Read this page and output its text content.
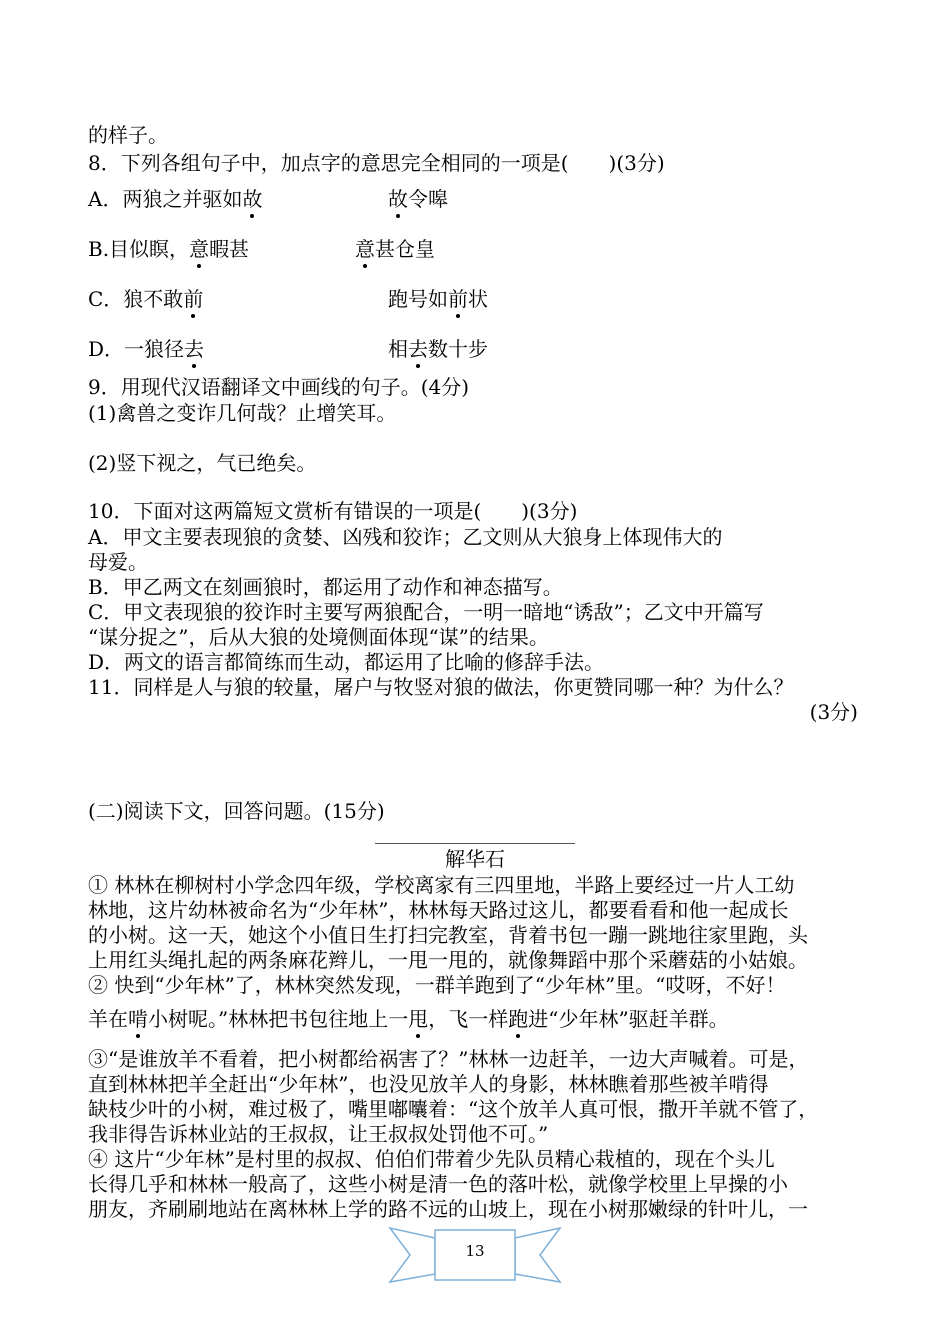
的样子。
8．下列各组句子中，加点字的意思完全相同的一项是(　　)(3分)
A．两狼之并驱如故	故令嗥
B.目似瞑，意暇甚	意甚仓皇
C．狼不敢前	跑号如前状
D．一狼径去	相去数十步
9．用现代汉语翻译文中画线的句子。(4分)
(1)禽兽之变诈几何哉？止增笑耳。
(2)竖下视之，气已绝矣。
10．下面对这两篇短文赏析有错误的一项是(　　)(3分)
A．甲文主要表现狼的贪婪、凶残和狡诈；乙文则从大狼身上体现伟大的
母爱。
B．甲乙两文在刻画狼时，都运用了动作和神态描写。
C．甲文表现狼的狡诈时主要写两狼配合，一明一暗地“诱敌”；乙文中开篇写
“谋分捉之”，后从大狼的处境侧面体现“谋”的结果。
D．两文的语言都简练而生动，都运用了比喻的修辞手法。
11．同样是人与狼的较量，屠户与牧竖对狼的做法，你更赞同哪一种？为什么？
(3分)
(二)阅读下文，回答问题。(15分)
解华石
① 林林在柳树村小学念四年级，学校离家有三四里地，半路上要经过一片人工幼
林地，这片幼林被命名为“少年林”，林林每天路过这儿，都要看看和他一起成长
的小树。这一天，她这个小值日生打扫完教室，背着书包一蹦一跳地往家里跑，头
上用红头绳扎起的两条麻花辫儿，一甩一甩的，就像舞蹈中那个采蘑菇的小姑娘。
② 快到“少年林”了，林林突然发现，一群羊跑到了“少年林”里。“哎呀，不好！
羊在啃小树呢。”林林把书包往地上一甩，飞一样跑进“少年林”驱赶羊群。
③“是谁放羊不看着，把小树都给祸害了？”林林一边赶羊，一边大声喊着。可是，
直到林林把羊全赶出“少年林”，也没见放羊人的身影，林林瞧着那些被羊啃得
缺枝少叶的小树，难过极了，嘴里嘟囔着：“这个放羊人真可恨，撒开羊就不管了，
我非得告诉林业站的王叔叔，让王叔叔处罚他不可。”
④ 这片“少年林”是村里的叔叔、伯伯们带着少先队员精心栽植的，现在个头儿
长得几乎和林林一般高了，这些小树是清一色的落叶松，就像学校里上早操的小
朋友，齐刷刷地站在离林林上学的路不远的山坡上，现在小树那嫩绿的针叶儿，一
13
